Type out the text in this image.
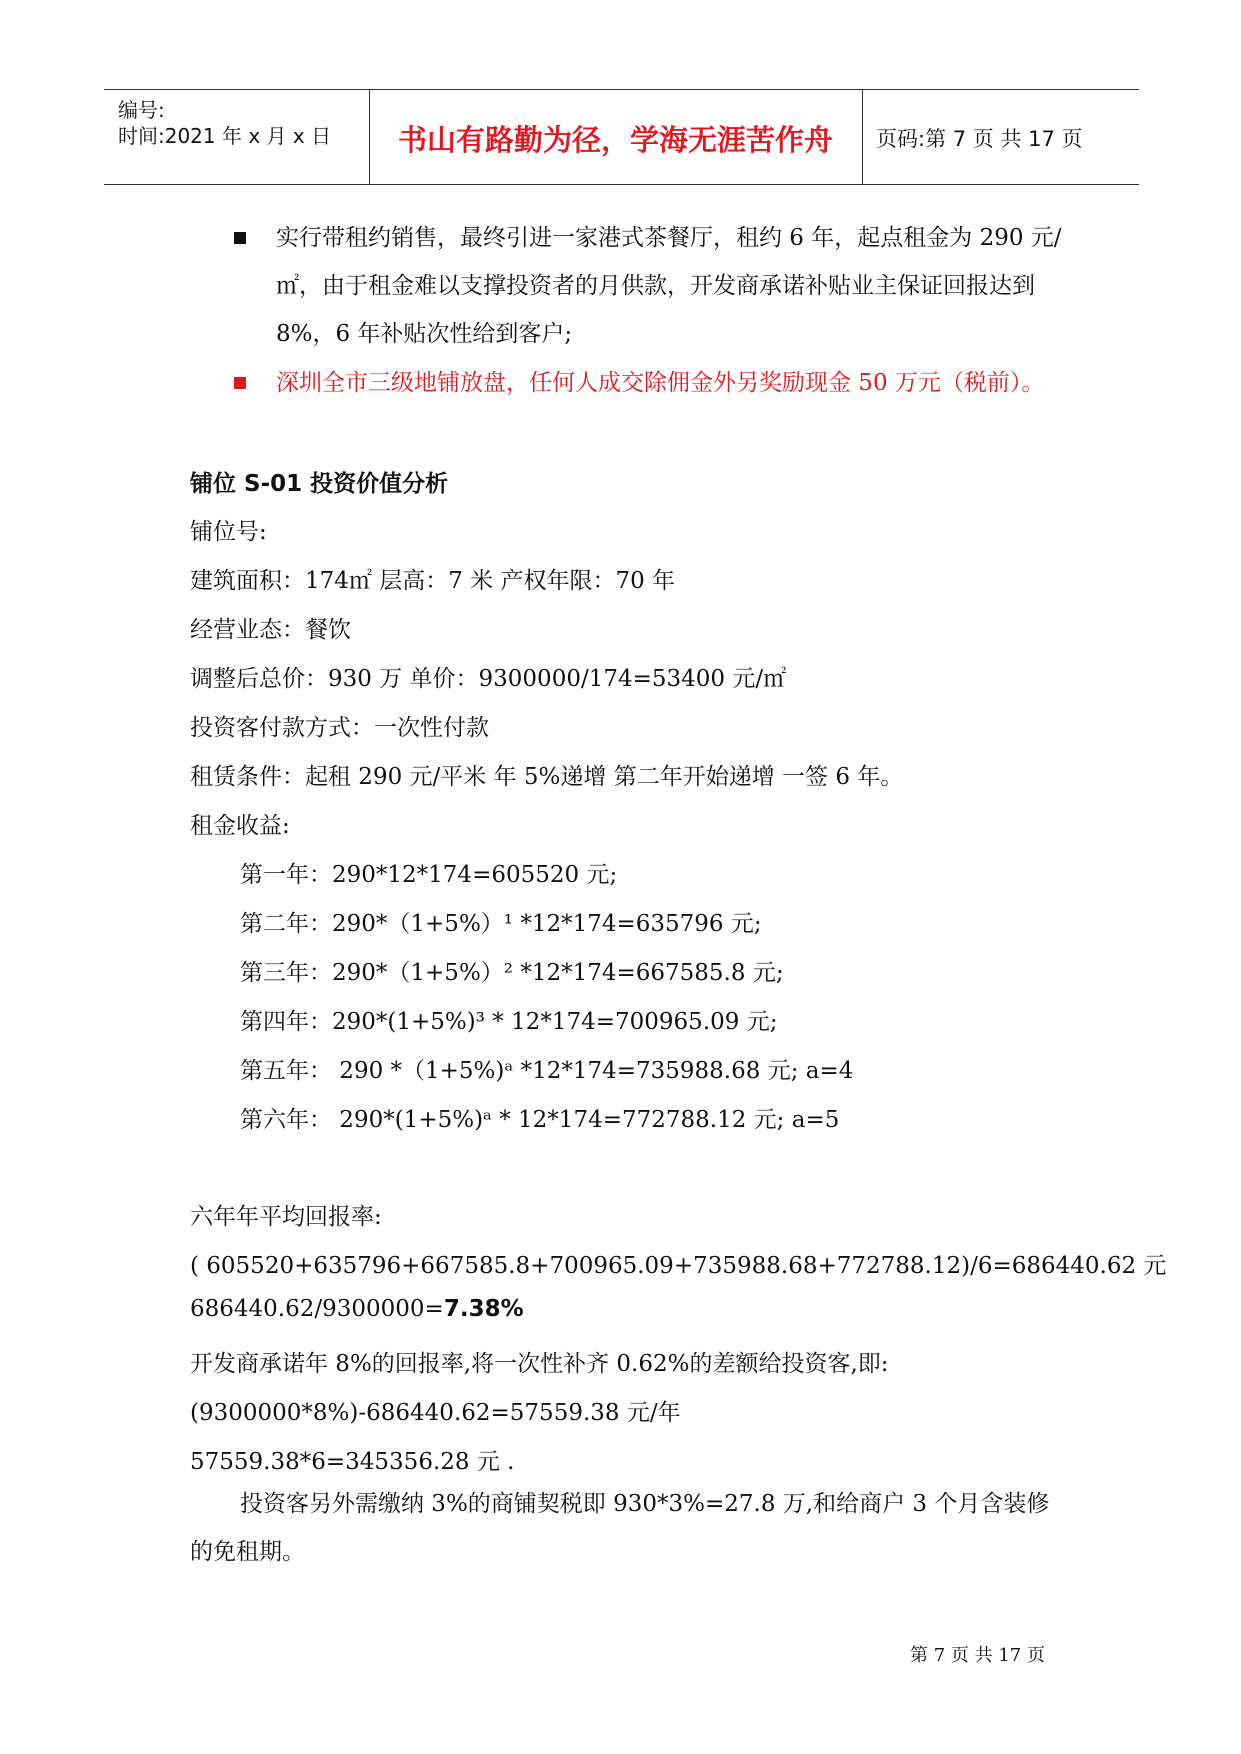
编号:
时间:2021 年 x 月 x 日	书山有路勤为径，学海无涯苦作舟	页码:第 7 页 共 17 页
实行带租约销售，最终引进一家港式茶餐厅，租约 6 年，起点租金为 290 元/㎡，由于租金难以支撑投资者的月供款，开发商承诺补贴业主保证回报达到 8%，6 年补贴次性给到客户;
深圳全市三级地铺放盘，任何人成交除佣金外另奖励现金 50 万元（税前）。
铺位 S-01 投资价值分析
铺位号:
建筑面积：174㎡ 层高：7 米 产权年限：70 年
经营业态：餐饮
调整后总价：930 万 单价：9300000/174=53400 元/㎡
投资客付款方式：一次性付款
租赁条件：起租 290 元/平米 年 5%递增 第二年开始递增 一签 6 年。
租金收益:
第一年：290*12*174=605520 元;
第二年：290*（1+5%）¹ *12*174=635796 元;
第三年：290*（1+5%）² *12*174=667585.8 元;
第四年：290*(1+5%)³ * 12*174=700965.09 元;
第五年： 290 *（1+5%)ᵃ *12*174=735988.68 元; a=4
第六年： 290*(1+5%)ᵃ * 12*174=772788.12 元; a=5
六年年平均回报率:
( 605520+635796+667585.8+700965.09+735988.68+772788.12)/6=686440.62 元
686440.62/9300000=7.38%
开发商承诺年 8%的回报率,将一次性补齐 0.62%的差额给投资客,即:
(9300000*8%)-686440.62=57559.38 元/年
57559.38*6=345356.28 元 .
投资客另外需缴纳 3%的商铺契税即 930*3%=27.8 万,和给商户 3 个月含装修的免租期。
第 7 页 共 17 页
